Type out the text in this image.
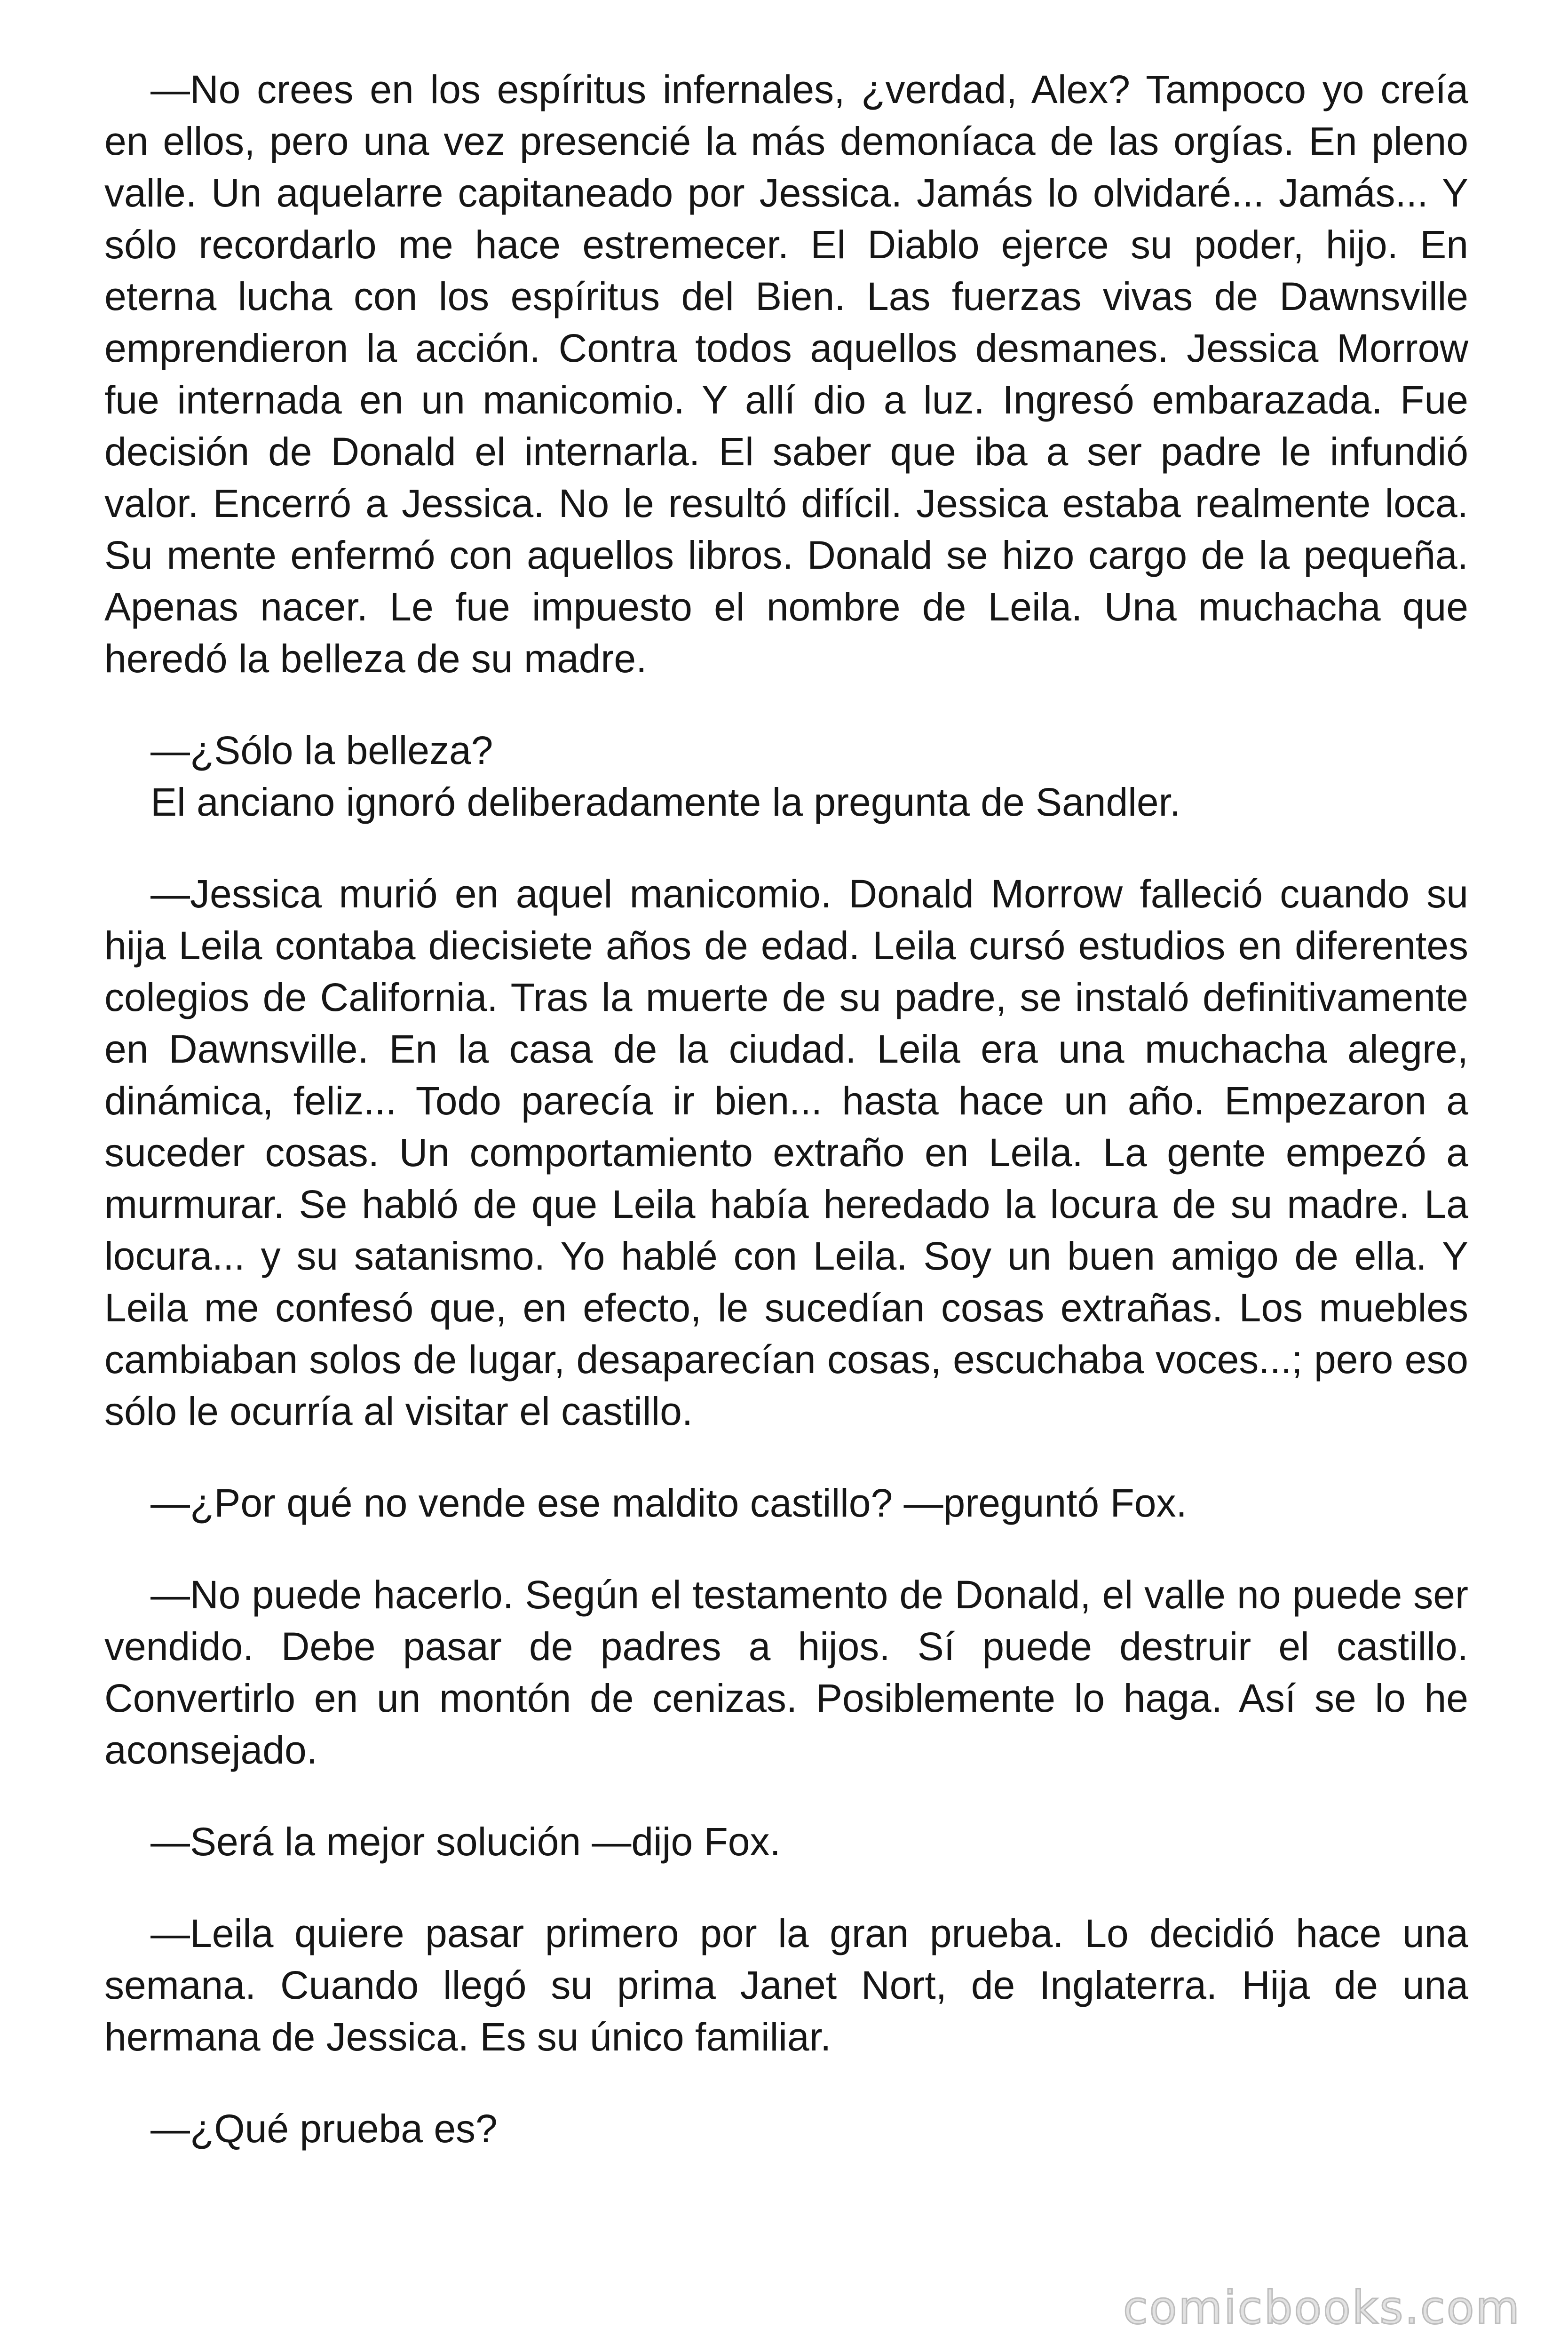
—No crees en los espíritus infernales, ¿verdad, Alex? Tampoco yo creía en ellos, pero una vez presencié la más demoníaca de las orgías. En pleno valle. Un aquelarre capitaneado por Jessica. Jamás lo olvidaré... Jamás... Y sólo recordarlo me hace estremecer. El Diablo ejerce su poder, hijo. En eterna lucha con los espíritus del Bien. Las fuerzas vivas de Dawnsville emprendieron la acción. Contra todos aquellos desmanes. Jessica Morrow fue internada en un manicomio. Y allí dio a luz. Ingresó embarazada. Fue decisión de Donald el internarla. El saber que iba a ser padre le infundió valor. Encerró a Jessica. No le resultó difícil. Jessica estaba realmente loca. Su mente enfermó con aquellos libros. Donald se hizo cargo de la pequeña. Apenas nacer. Le fue impuesto el nombre de Leila. Una muchacha que heredó la belleza de su madre.

—¿Sólo la belleza?

El anciano ignoró deliberadamente la pregunta de Sandler.

—Jessica murió en aquel manicomio. Donald Morrow falleció cuando su hija Leila contaba diecisiete años de edad. Leila cursó estudios en diferentes colegios de California. Tras la muerte de su padre, se instaló definitivamente en Dawnsville. En la casa de la ciudad. Leila era una muchacha alegre, dinámica, feliz... Todo parecía ir bien... hasta hace un año. Empezaron a suceder cosas. Un comportamiento extraño en Leila. La gente empezó a murmurar. Se habló de que Leila había heredado la locura de su madre. La locura... y su satanismo. Yo hablé con Leila. Soy un buen amigo de ella. Y Leila me confesó que, en efecto, le sucedían cosas extrañas. Los muebles cambiaban solos de lugar, desaparecían cosas, escuchaba voces...; pero eso sólo le ocurría al visitar el castillo.

—¿Por qué no vende ese maldito castillo? —preguntó Fox.

—No puede hacerlo. Según el testamento de Donald, el valle no puede ser vendido. Debe pasar de padres a hijos. Sí puede destruir el castillo. Convertirlo en un montón de cenizas. Posiblemente lo haga. Así se lo he aconsejado.

—Será la mejor solución —dijo Fox.

—Leila quiere pasar primero por la gran prueba. Lo decidió hace una semana. Cuando llegó su prima Janet Nort, de Inglaterra. Hija de una hermana de Jessica. Es su único familiar.

—¿Qué prueba es?

comicbooks.com
